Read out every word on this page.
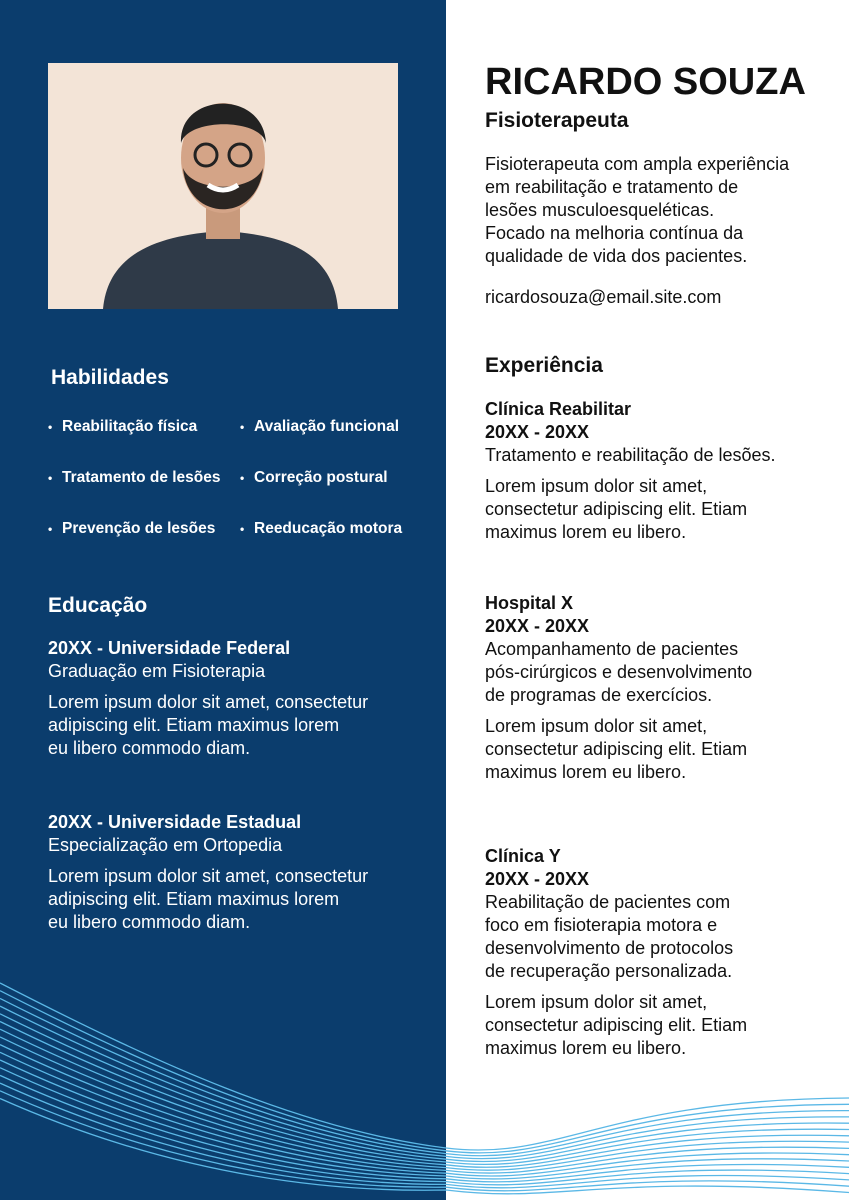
Habilidades
• Reabilitação física	• Avaliação funcional
• Tratamento de lesões • Correção postural
• Prevenção de lesões • Reeducação motora
Educação
20XX - Universidade Federal
Graduação em Fisioterapia
Lorem ipsum dolor sit amet, consectetur
adipiscing elit. Etiam maximus lorem
eu libero commodo diam.
20XX - Universidade Estadual
Especialização em Ortopedia
Lorem ipsum dolor sit amet, consectetur
adipiscing elit. Etiam maximus lorem
eu libero commodo diam.
RICARDO SOUZA
Fisioterapeuta
Fisioterapeuta com ampla experiência
em reabilitação e tratamento de
lesões musculoesqueléticas.
Focado na melhoria contínua da
qualidade de vida dos pacientes.
ricardosouza@email.site.com
Experiência
Clínica Reabilitar
20XX - 20XX
Tratamento e reabilitação de lesões.
Lorem ipsum dolor sit amet,
consectetur adipiscing elit. Etiam
maximus lorem eu libero.
Hospital X
20XX - 20XX
Acompanhamento de pacientes
pós-cirúrgicos e desenvolvimento
de programas de exercícios.
Lorem ipsum dolor sit amet,
consectetur adipiscing elit. Etiam
maximus lorem eu libero.
Clínica Y
20XX - 20XX
Reabilitação de pacientes com
foco em fisioterapia motora e
desenvolvimento de protocolos
de recuperação personalizada.
Lorem ipsum dolor sit amet,
consectetur adipiscing elit. Etiam
maximus lorem eu libero.
